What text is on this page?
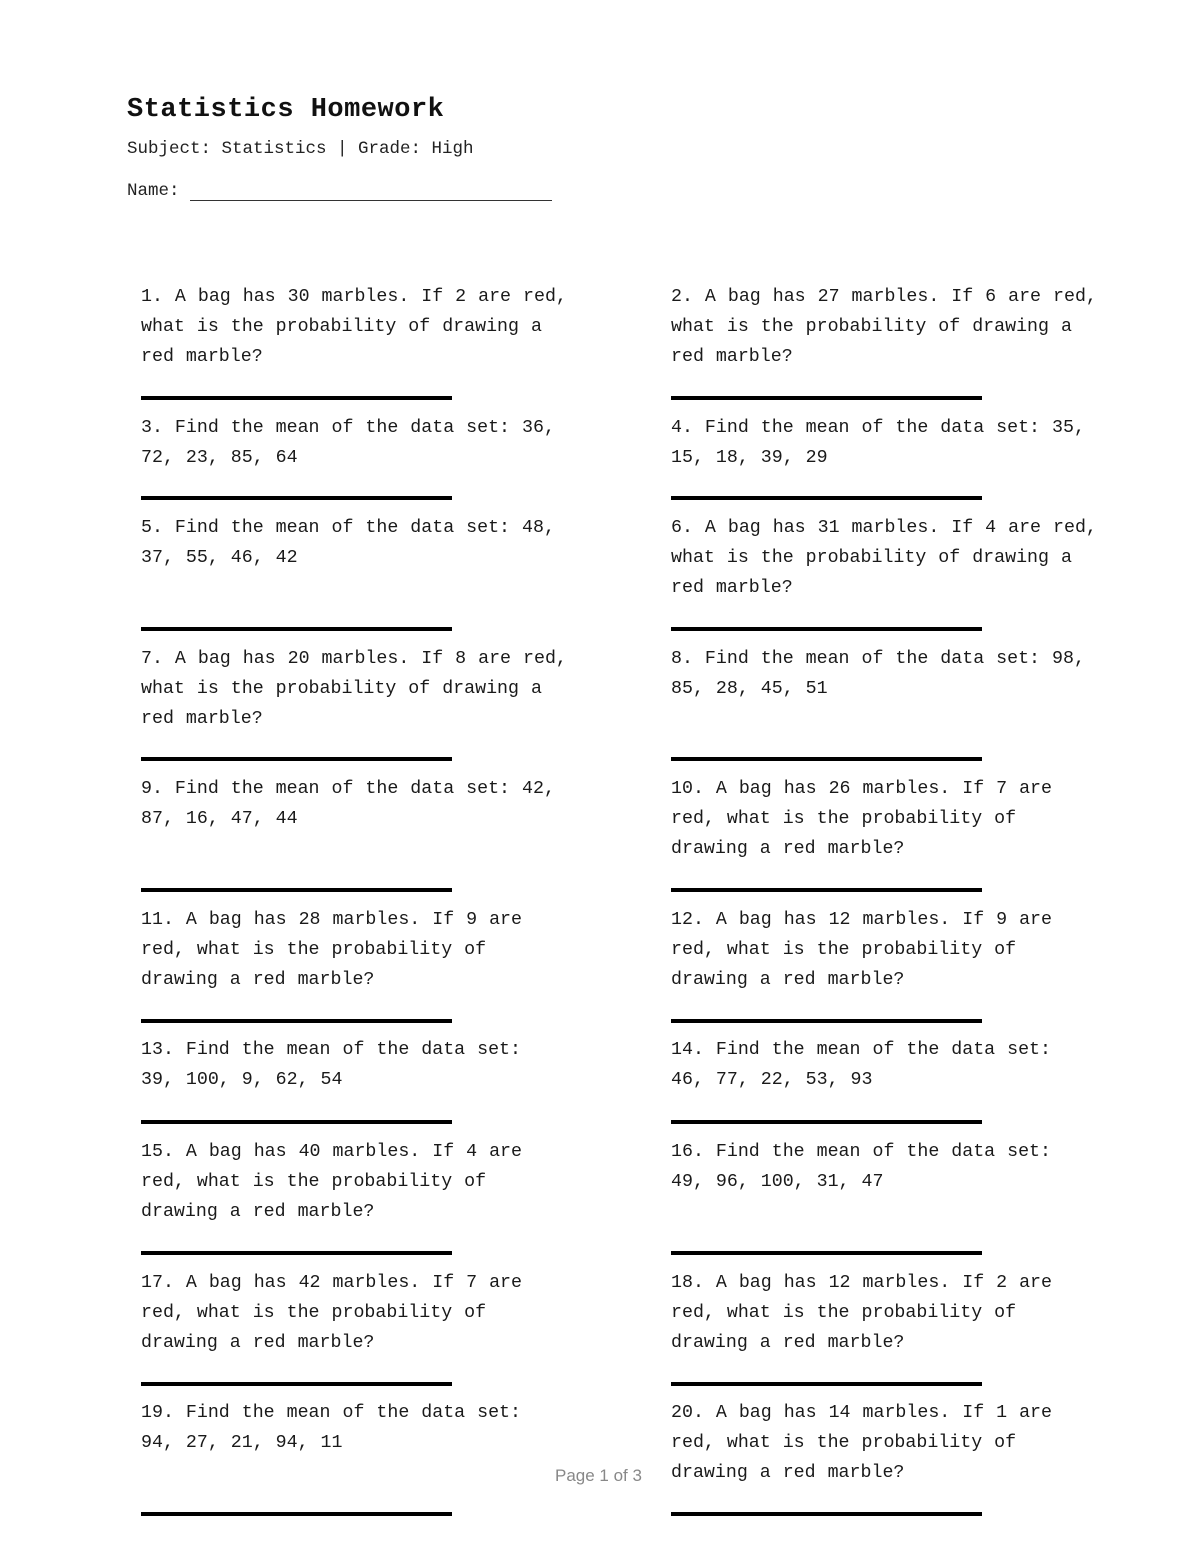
Statistics Homework
Subject: Statistics | Grade: High
Name:
1. A bag has 30 marbles. If 2 are red, what is the probability of drawing a red marble?
3. Find the mean of the data set: 36, 72, 23, 85, 64
5. Find the mean of the data set: 48, 37, 55, 46, 42
7. A bag has 20 marbles. If 8 are red, what is the probability of drawing a red marble?
9. Find the mean of the data set: 42, 87, 16, 47, 44
11. A bag has 28 marbles. If 9 are red, what is the probability of drawing a red marble?
13. Find the mean of the data set: 39, 100, 9, 62, 54
15. A bag has 40 marbles. If 4 are red, what is the probability of drawing a red marble?
17. A bag has 42 marbles. If 7 are red, what is the probability of drawing a red marble?
19. Find the mean of the data set: 94, 27, 21, 94, 11
2. A bag has 27 marbles. If 6 are red, what is the probability of drawing a red marble?
4. Find the mean of the data set: 35, 15, 18, 39, 29
6. A bag has 31 marbles. If 4 are red, what is the probability of drawing a red marble?
8. Find the mean of the data set: 98, 85, 28, 45, 51
10. A bag has 26 marbles. If 7 are red, what is the probability of drawing a red marble?
12. A bag has 12 marbles. If 9 are red, what is the probability of drawing a red marble?
14. Find the mean of the data set: 46, 77, 22, 53, 93
16. Find the mean of the data set: 49, 96, 100, 31, 47
18. A bag has 12 marbles. If 2 are red, what is the probability of drawing a red marble?
20. A bag has 14 marbles. If 1 are red, what is the probability of drawing a red marble?
Page 1 of 3
